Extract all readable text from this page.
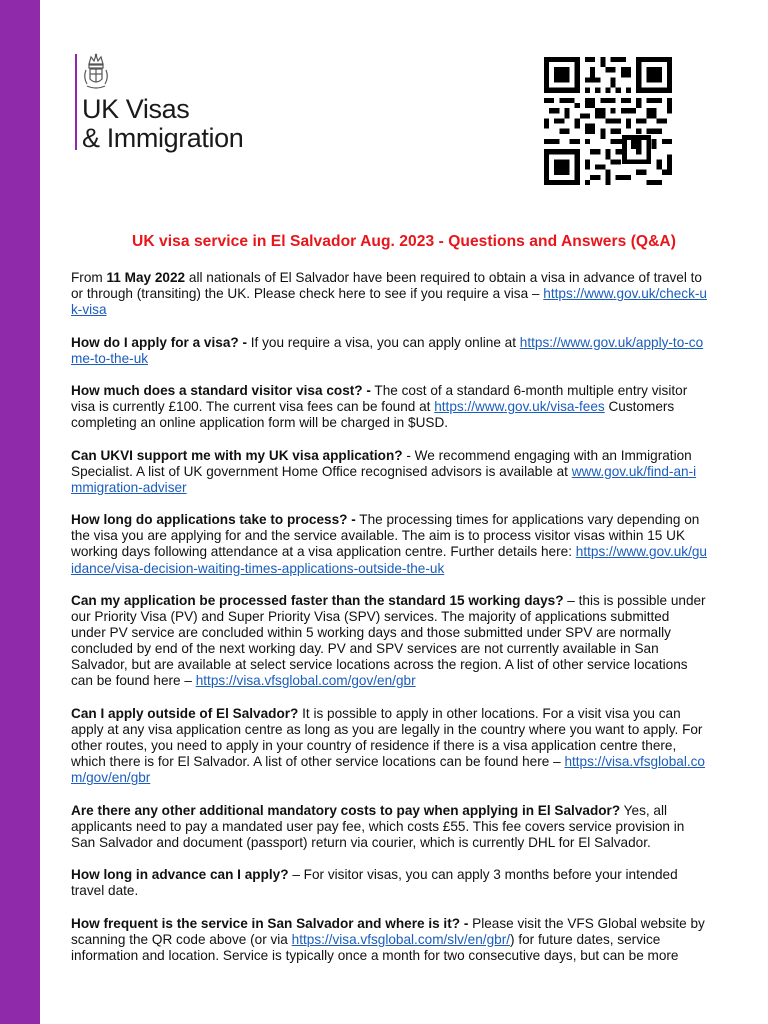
UK Visas
& Immigration
UK visa service in El Salvador Aug. 2023 - Questions and Answers (Q&A)

From 11 May 2022 all nationals of El Salvador have been required to obtain a visa in advance of travel to or through (transiting) the UK. Please check here to see if you require a visa – https://www.gov.uk/check-uk-visa

How do I apply for a visa? - If you require a visa, you can apply online at https://www.gov.uk/apply-to-come-to-the-uk

How much does a standard visitor visa cost? - The cost of a standard 6-month multiple entry visitor visa is currently £100. The current visa fees can be found at https://www.gov.uk/visa-fees Customers completing an online application form will be charged in $USD.

Can UKVI support me with my UK visa application? - We recommend engaging with an Immigration Specialist. A list of UK government Home Office recognised advisors is available at www.gov.uk/find-an-immigration-adviser

How long do applications take to process? - The processing times for applications vary depending on the visa you are applying for and the service available. The aim is to process visitor visas within 15 UK working days following attendance at a visa application centre. Further details here: https://www.gov.uk/guidance/visa-decision-waiting-times-applications-outside-the-uk

Can my application be processed faster than the standard 15 working days? – this is possible under our Priority Visa (PV) and Super Priority Visa (SPV) services. The majority of applications submitted under PV service are concluded within 5 working days and those submitted under SPV are normally concluded by end of the next working day. PV and SPV services are not currently available in San Salvador, but are available at select service locations across the region. A list of other service locations can be found here – https://visa.vfsglobal.com/gov/en/gbr

Can I apply outside of El Salvador? It is possible to apply in other locations. For a visit visa you can apply at any visa application centre as long as you are legally in the country where you want to apply. For other routes, you need to apply in your country of residence if there is a visa application centre there, which there is for El Salvador. A list of other service locations can be found here – https://visa.vfsglobal.com/gov/en/gbr

Are there any other additional mandatory costs to pay when applying in El Salvador? Yes, all applicants need to pay a mandated user pay fee, which costs £55. This fee covers service provision in San Salvador and document (passport) return via courier, which is currently DHL for El Salvador.

How long in advance can I apply? – For visitor visas, you can apply 3 months before your intended travel date.

How frequent is the service in San Salvador and where is it? - Please visit the VFS Global website by scanning the QR code above (or via https://visa.vfsglobal.com/slv/en/gbr/) for future dates, service information and location. Service is typically once a month for two consecutive days, but can be more
